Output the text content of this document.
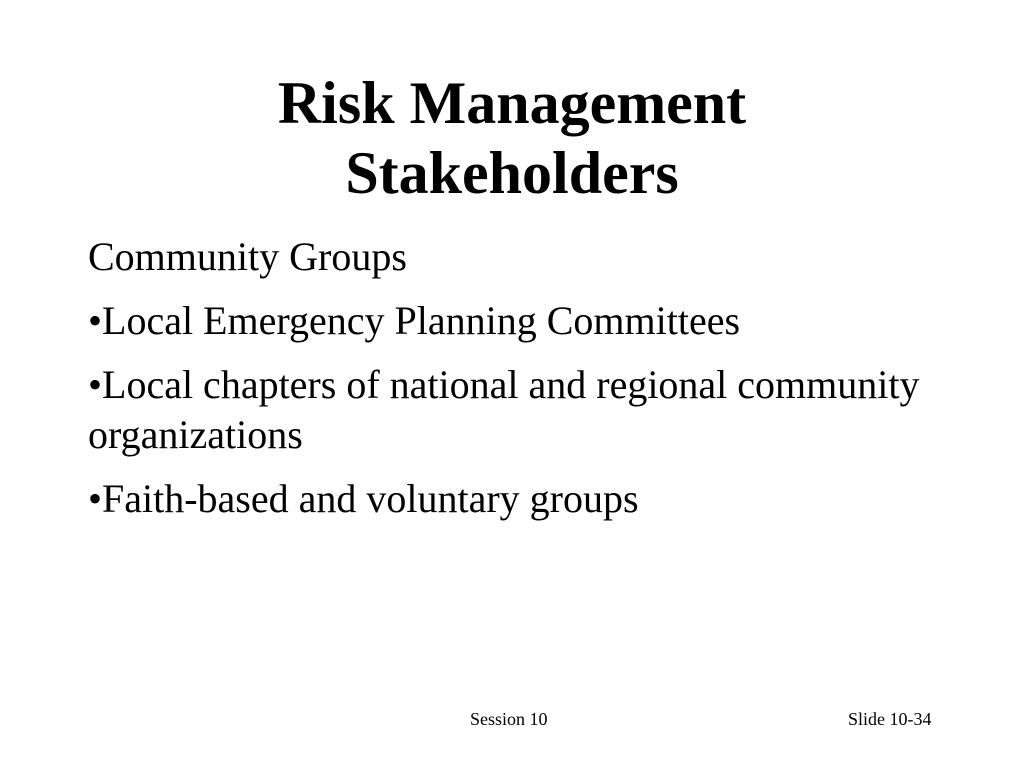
Risk Management
Stakeholders

Community Groups

•Local Emergency Planning Committees

•Local chapters of national and regional community organizations

•Faith-based and voluntary groups

Session 10	Slide 10-34
